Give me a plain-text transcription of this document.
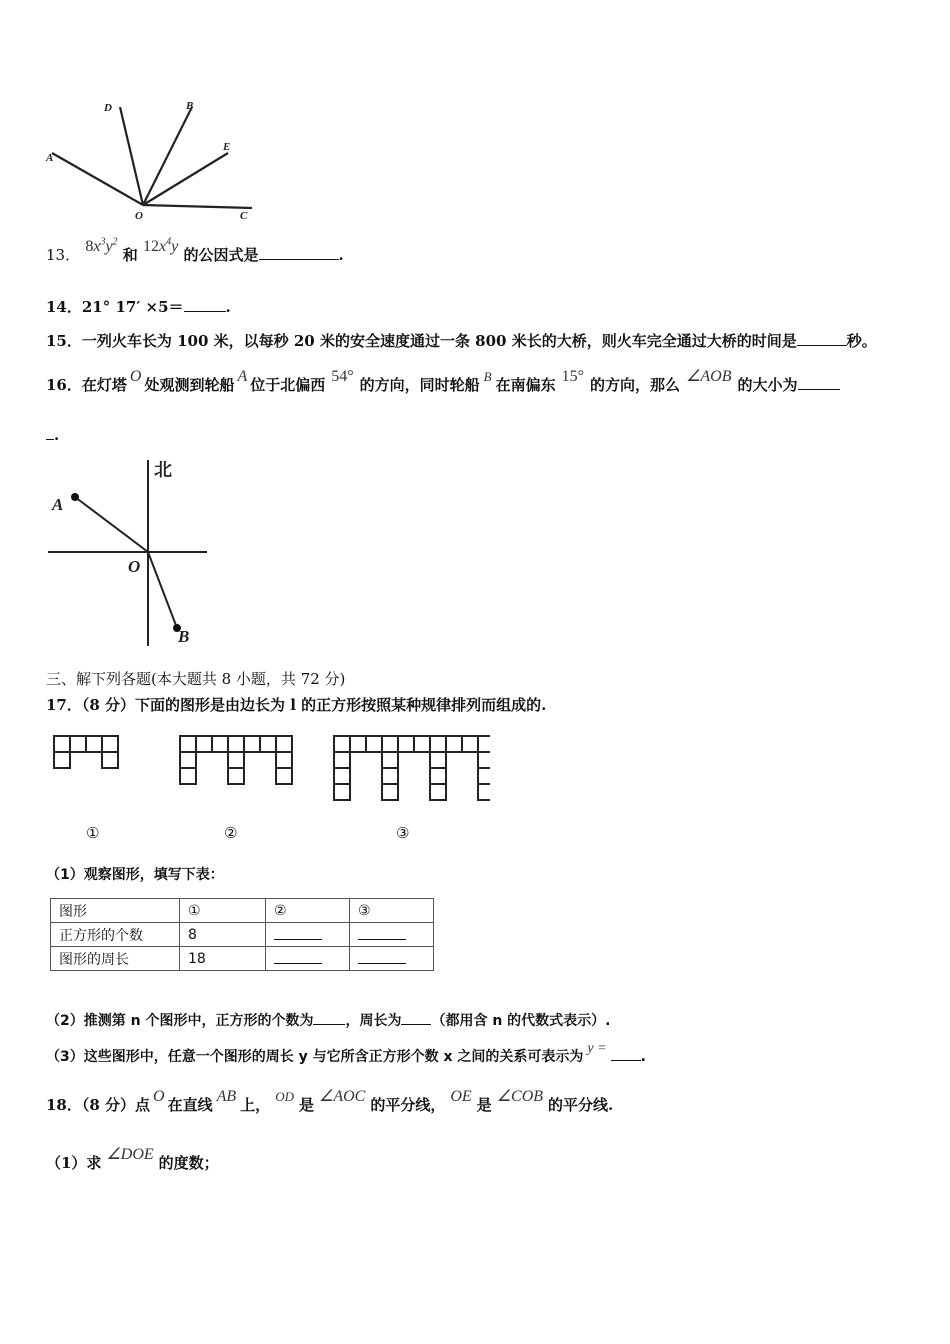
D	B
A
E
O	C
13． $8x^3y^2$ 和 $12x^4y$ 的公因式是	.
14．21° 17′ ×5＝	.
15．一列火车长为 100 米，以每秒 20 米的安全速度通过一条 800 米长的大桥，则火车完全通过大桥的时间是	秒。
16．在灯塔 O 处观测到轮船 A 位于北偏西 54° 的方向，同时轮船 B 在南偏东 15° 的方向，那么 ∠AOB 的大小为
.
北
A
O
B
三、解下列各题(本大题共 8 小题，共 72 分)
17．（8 分）下面的图形是由边长为 l 的正方形按照某种规律排列而组成的.
①	②	③
（1）观察图形，填写下表：
图形	①	②	③
正方形的个数	8		
图形的周长	18		
（2）推测第 n 个图形中，正方形的个数为 ，周长为 （都用含 n 的代数式表示）.
（3）这些图形中，任意一个图形的周长 y 与它所含正方形个数 x 之间的关系可表示为y =.
18．（8 分）点 O 在直线 AB 上， OD 是 ∠AOC 的平分线， OE 是 ∠COB 的平分线.
（1）求 ∠DOE 的度数；
